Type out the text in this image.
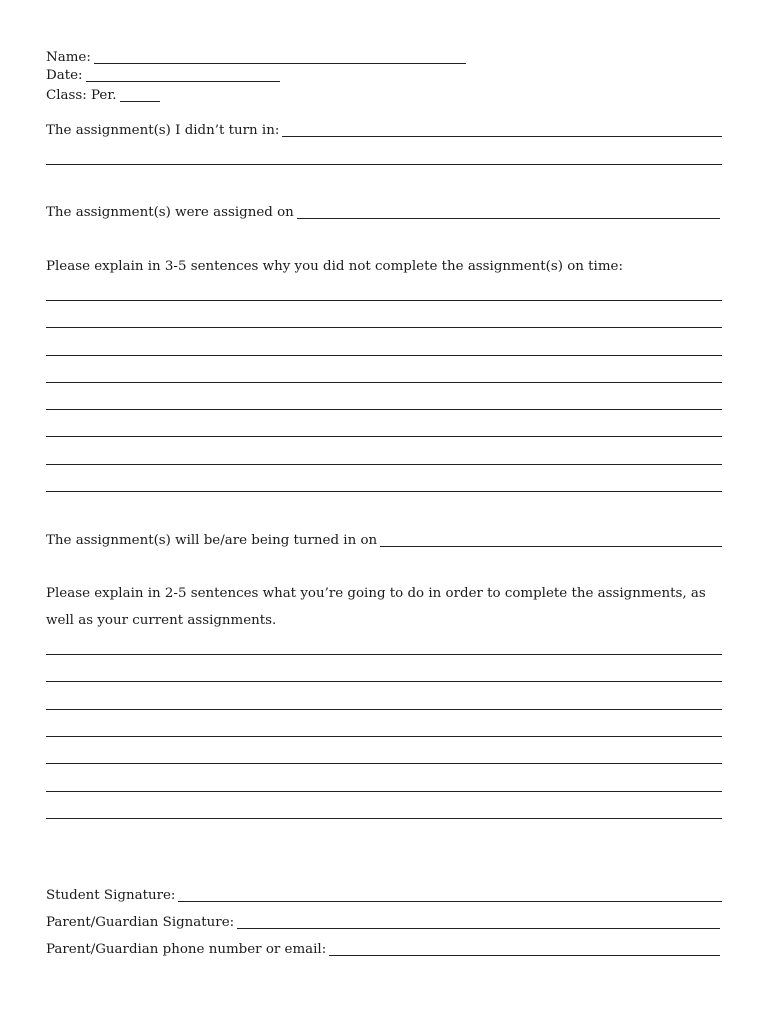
Name:
Date:
Class: Per.
The assignment(s) I didn’t turn in:
The assignment(s) were assigned on
Please explain in 3-5 sentences why you did not complete the assignment(s) on time:
The assignment(s) will be/are being turned in on
Please explain in 2-5 sentences what you’re going to do in order to complete the assignments, as well as your current assignments.
Student Signature:
Parent/Guardian Signature:
Parent/Guardian phone number or email:
